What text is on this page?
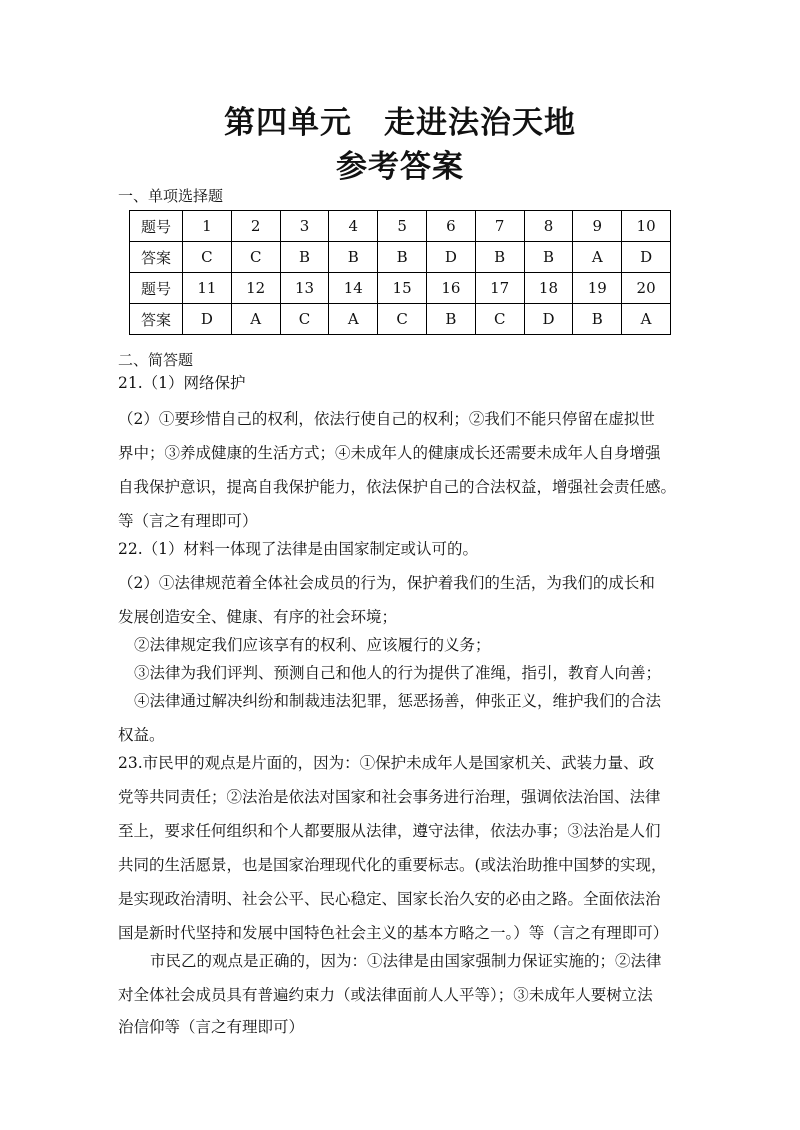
第四单元　走进法治天地
参考答案
一、单项选择题
题号	1	2	3	4	5	6	7	8	9	10
答案	C	C	B	B	B	D	B	B	A	D
题号	11	12	13	14	15	16	17	18	19	20
答案	D	A	C	A	C	B	C	D	B	A
二、简答题
21.（1）网络保护
（2）①要珍惜自己的权利，依法行使自己的权利；②我们不能只停留在虚拟世
界中；③养成健康的生活方式；④未成年人的健康成长还需要未成年人自身增强
自我保护意识，提高自我保护能力，依法保护自己的合法权益，增强社会责任感。
等（言之有理即可）
22.（1）材料一体现了法律是由国家制定或认可的。
（2）①法律规范着全体社会成员的行为，保护着我们的生活，为我们的成长和
发展创造安全、健康、有序的社会环境；
②法律规定我们应该享有的权利、应该履行的义务；
③法律为我们评判、预测自己和他人的行为提供了准绳，指引，教育人向善；
④法律通过解决纠纷和制裁违法犯罪，惩恶扬善，伸张正义，维护我们的合法
权益。
23.市民甲的观点是片面的，因为：①保护未成年人是国家机关、武装力量、政
党等共同责任；②法治是依法对国家和社会事务进行治理，强调依法治国、法律
至上，要求任何组织和个人都要服从法律，遵守法律，依法办事；③法治是人们
共同的生活愿景，也是国家治理现代化的重要标志。(或法治助推中国梦的实现，
是实现政治清明、社会公平、民心稳定、国家长治久安的必由之路。全面依法治
国是新时代坚持和发展中国特色社会主义的基本方略之一。）等（言之有理即可）
市民乙的观点是正确的，因为：①法律是由国家强制力保证实施的；②法律
对全体社会成员具有普遍约束力（或法律面前人人平等）；③未成年人要树立法
治信仰等（言之有理即可）
